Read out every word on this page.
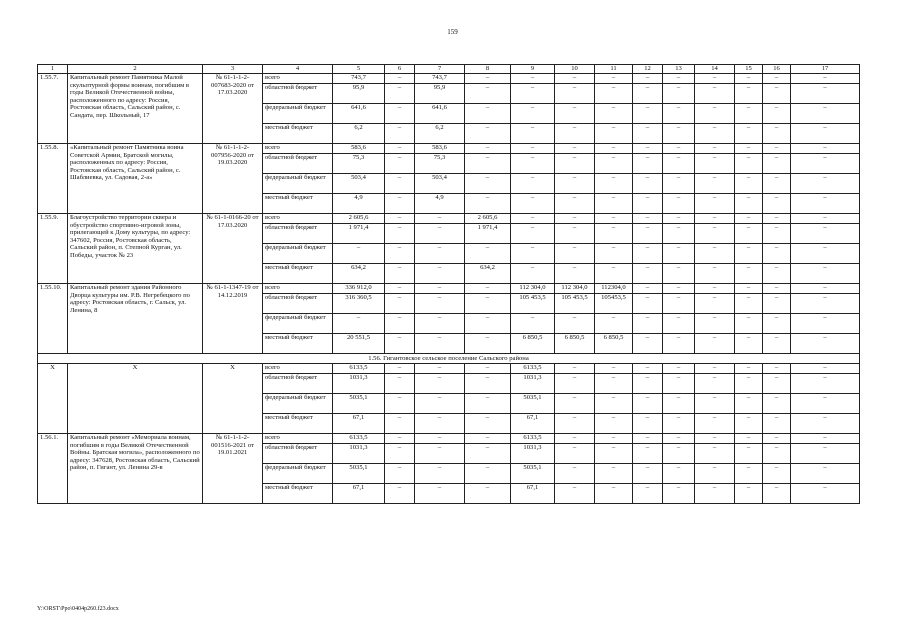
159
1	2	3	4	5	6	7	8	9	10	11	12	13	14	15	16	17
1.55.7.	Капитальный ремонт Памятника Малой скульптурной формы воинам, погибшим в годы Великой Отечественной войны, расположенного по адресу: Россия, Ростовская область, Сальский район, с. Сандата, пер. Школьный, 17	№ 61-1-1-2-007683-2020 от 17.03.2020	всего	743,7	–	743,7	–	–	–	–	–	–	–	–	–	–
			областной бюджет	95,9	–	95,9	–	–	–	–	–	–	–	–	–	–
			федеральный бюджет	641,6	–	641,6	–	–	–	–	–	–	–	–	–	–
			местный бюджет	6,2	–	6,2	–	–	–	–	–	–	–	–	–	–
1.55.8.	«Капитальный ремонт Памятника воина Советской Армии, Братской могилы, расположенных по адресу: Россия, Ростовская область, Сальский район, с. Шаблиевка, ул. Садовая, 2-а»	№ 61-1-1-2-007956-2020 от 19.03.2020	всего	583,6	–	583,6	–	–	–	–	–	–	–	–	–	–
			областной бюджет	75,3	–	75,3	–	–	–	–	–	–	–	–	–	–
			федеральный бюджет	503,4	–	503,4	–	–	–	–	–	–	–	–	–	–
			местный бюджет	4,9	–	4,9	–	–	–	–	–	–	–	–	–	–
1.55.9.	Благоустройство территории сквера и обустройство спортивно-игровой зоны, прилегающей к Дому культуры, по адресу: 347602, Россия, Ростовская область, Сальский район, п. Степной Курган, ул. Победы, участок № 23	№ 61-1-0166-20 от 17.03.2020	всего	2 605,6	–	–	2 605,6	–	–	–	–	–	–	–	–	–
			областной бюджет	1 971,4	–	–	1 971,4	–	–	–	–	–	–	–	–	–
			федеральный бюджет	–	–	–	–	–	–	–	–	–	–	–	–	–
			местный бюджет	634,2	–	–	634,2	–	–	–	–	–	–	–	–	–
1.55.10.	Капитальный ремонт здания Районного Дворца культуры им. Р.В. Негребецкого по адресу: Ростовская область, г. Сальск, ул. Ленина, 8	№ 61-1-1347-19 от 14.12.2019	всего	336 912,0	–	–	–	112 304,0	112 304,0	112304,0	–	–	–	–	–	–
			областной бюджет	316 360,5	–	–	–	105 453,5	105 453,5	105453,5	–	–	–	–	–	–
			федеральный бюджет	–	–	–	–	–	–	–	–	–	–	–	–	–
			местный бюджет	20 551,5	–	–	–	6 850,5	6 850,5	6 850,5	–	–	–	–	–	–
1.56. Гигантовское сельское поселение Сальского района																
Х	Х	Х	всего	6133,5	–	–	–	6133,5	–	–	–	–	–	–	–	–
			областной бюджет	1031,3	–	–	–	1031,3	–	–	–	–	–	–	–	–
			федеральный бюджет	5035,1	–	–	–	5035,1	–	–	–	–	–	–	–	–
			местный бюджет	67,1	–	–	–	67,1	–	–	–	–	–	–	–	–
1.56.1.	Капитальный ремонт «Мемориала воинам, погибшим в годы Великой Отечественной Войны. Братская могила», расположенного по адресу: 347628, Ростовская область, Сальский район, п. Гигант, ул. Ленина 29-в	№ 61-1-1-2-001516-2021 от 19.01.2021	всего	6133,5	–	–	–	6133,5	–	–	–	–	–	–	–	–
			областной бюджет	1031,3	–	–	–	1031,3	–	–	–	–	–	–	–	–
			федеральный бюджет	5035,1	–	–	–	5035,1	–	–	–	–	–	–	–	–
			местный бюджет	67,1	–	–	–	67,1	–	–	–	–	–	–	–	–
Y:\ORST\Ppo\0404p260.f23.docx
